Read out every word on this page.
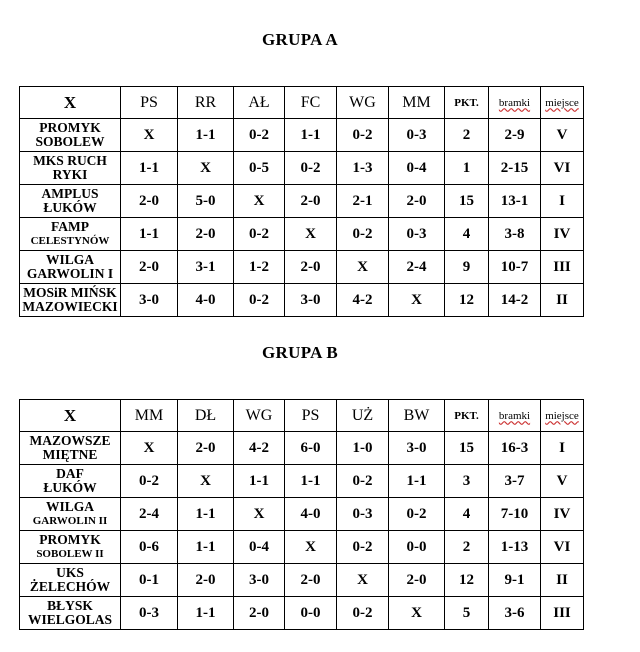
GRUPA A
X	PS	RR	AŁ	FC	WG	MM	PKT.	bramki	miejsce

PROMYK
SOBOLEW	X	1-1	0-2	1-1	0-2	0-3	2	2-9	V

MKS RUCH
RYKI	1-1	X	0-5	0-2	1-3	0-4	1	2-15	VI

AMPLUS
ŁUKÓW	2-0	5-0	X	2-0	2-1	2-0	15	13-1	I

FAMP
CELESTYNÓW	1-1	2-0	0-2	X	0-2	0-3	4	3-8	IV

WILGA
GARWOLIN I	2-0	3-1	1-2	2-0	X	2-4	9	10-7	III

MOSiR MIŃSK
MAZOWIECKI	3-0	4-0	0-2	3-0	4-2	X	12	14-2	II
GRUPA B
X	MM	DŁ	WG	PS	UŻ	BW	PKT.	bramki	miejsce

MAZOWSZE
MIĘTNE	X	2-0	4-2	6-0	1-0	3-0	15	16-3	I

DAF
ŁUKÓW	0-2	X	1-1	1-1	0-2	1-1	3	3-7	V

WILGA
GARWOLIN II	2-4	1-1	X	4-0	0-3	0-2	4	7-10	IV

PROMYK
SOBOLEW II	0-6	1-1	0-4	X	0-2	0-0	2	1-13	VI

UKS
ŻELECHÓW	0-1	2-0	3-0	2-0	X	2-0	12	9-1	II

BŁYSK
WIELGOLAS	0-3	1-1	2-0	0-0	0-2	X	5	3-6	III
